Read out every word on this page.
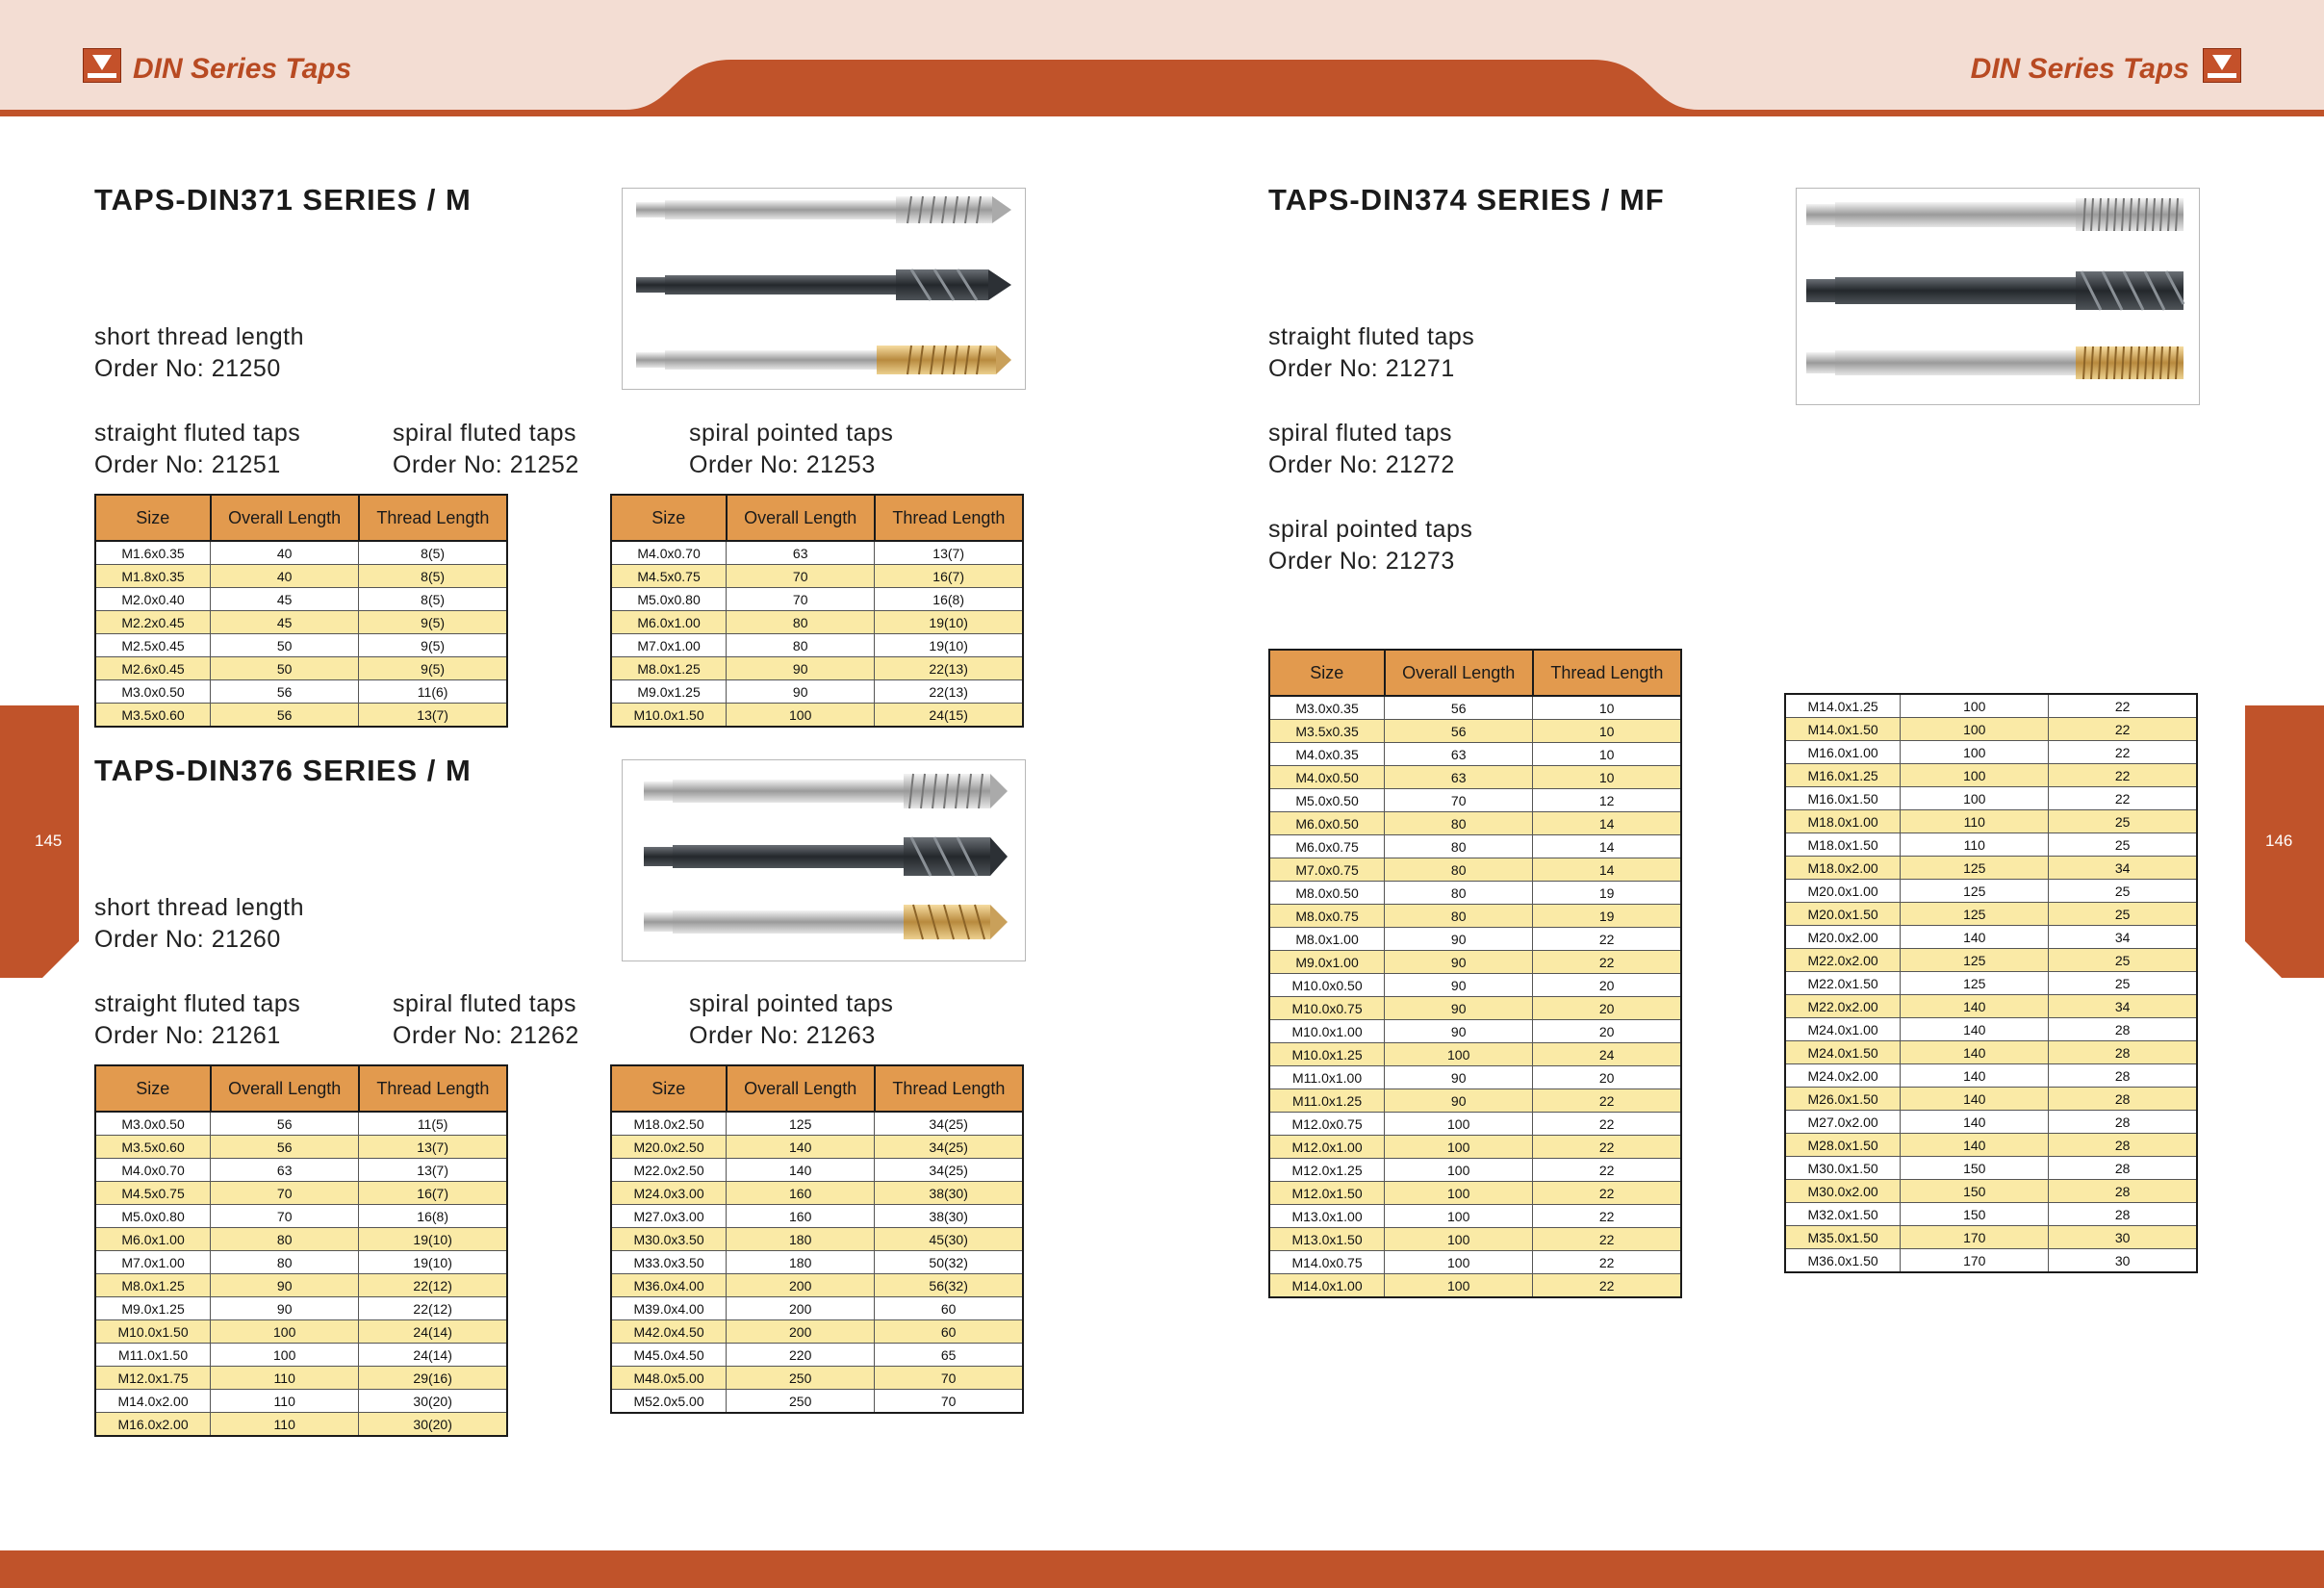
DIN Series Taps	DIN Series Taps
145	146
TAPS-DIN371 SERIES / M
short thread length
Order No: 21250
straight fluted taps
Order No: 21251
spiral fluted taps
Order No: 21252
spiral pointed taps
Order No: 21253
Size	Overall Length	Thread Length
M1.6x0.35	40	8(5)
M1.8x0.35	40	8(5)
M2.0x0.40	45	8(5)
M2.2x0.45	45	9(5)
M2.5x0.45	50	9(5)
M2.6x0.45	50	9(5)
M3.0x0.50	56	11(6)
M3.5x0.60	56	13(7)
Size	Overall Length	Thread Length
M4.0x0.70	63	13(7)
M4.5x0.75	70	16(7)
M5.0x0.80	70	16(8)
M6.0x1.00	80	19(10)
M7.0x1.00	80	19(10)
M8.0x1.25	90	22(13)
M9.0x1.25	90	22(13)
M10.0x1.50	100	24(15)
TAPS-DIN376 SERIES / M
short thread length
Order No: 21260
straight fluted taps
Order No: 21261
spiral fluted taps
Order No: 21262
spiral pointed taps
Order No: 21263
Size	Overall Length	Thread Length
M3.0x0.50	56	11(5)
M3.5x0.60	56	13(7)
M4.0x0.70	63	13(7)
M4.5x0.75	70	16(7)
M5.0x0.80	70	16(8)
M6.0x1.00	80	19(10)
M7.0x1.00	80	19(10)
M8.0x1.25	90	22(12)
M9.0x1.25	90	22(12)
M10.0x1.50	100	24(14)
M11.0x1.50	100	24(14)
M12.0x1.75	110	29(16)
M14.0x2.00	110	30(20)
M16.0x2.00	110	30(20)
Size	Overall Length	Thread Length
M18.0x2.50	125	34(25)
M20.0x2.50	140	34(25)
M22.0x2.50	140	34(25)
M24.0x3.00	160	38(30)
M27.0x3.00	160	38(30)
M30.0x3.50	180	45(30)
M33.0x3.50	180	50(32)
M36.0x4.00	200	56(32)
M39.0x4.00	200	60
M42.0x4.50	200	60
M45.0x4.50	220	65
M48.0x5.00	250	70
M52.0x5.00	250	70
TAPS-DIN374 SERIES / MF
straight fluted taps
Order No: 21271
spiral fluted taps
Order No: 21272
spiral pointed taps
Order No: 21273
Size	Overall Length	Thread Length
M3.0x0.35	56	10
M3.5x0.35	56	10
M4.0x0.35	63	10
M4.0x0.50	63	10
M5.0x0.50	70	12
M6.0x0.50	80	14
M6.0x0.75	80	14
M7.0x0.75	80	14
M8.0x0.50	80	19
M8.0x0.75	80	19
M8.0x1.00	90	22
M9.0x1.00	90	22
M10.0x0.50	90	20
M10.0x0.75	90	20
M10.0x1.00	90	20
M10.0x1.25	100	24
M11.0x1.00	90	20
M11.0x1.25	90	22
M12.0x0.75	100	22
M12.0x1.00	100	22
M12.0x1.25	100	22
M12.0x1.50	100	22
M13.0x1.00	100	22
M13.0x1.50	100	22
M14.0x0.75	100	22
M14.0x1.00	100	22
M14.0x1.25	100	22
M14.0x1.50	100	22
M16.0x1.00	100	22
M16.0x1.25	100	22
M16.0x1.50	100	22
M18.0x1.00	110	25
M18.0x1.50	110	25
M18.0x2.00	125	34
M20.0x1.00	125	25
M20.0x1.50	125	25
M20.0x2.00	140	34
M22.0x2.00	125	25
M22.0x1.50	125	25
M22.0x2.00	140	34
M24.0x1.00	140	28
M24.0x1.50	140	28
M24.0x2.00	140	28
M26.0x1.50	140	28
M27.0x2.00	140	28
M28.0x1.50	140	28
M30.0x1.50	150	28
M30.0x2.00	150	28
M32.0x1.50	150	28
M35.0x1.50	170	30
M36.0x1.50	170	30
